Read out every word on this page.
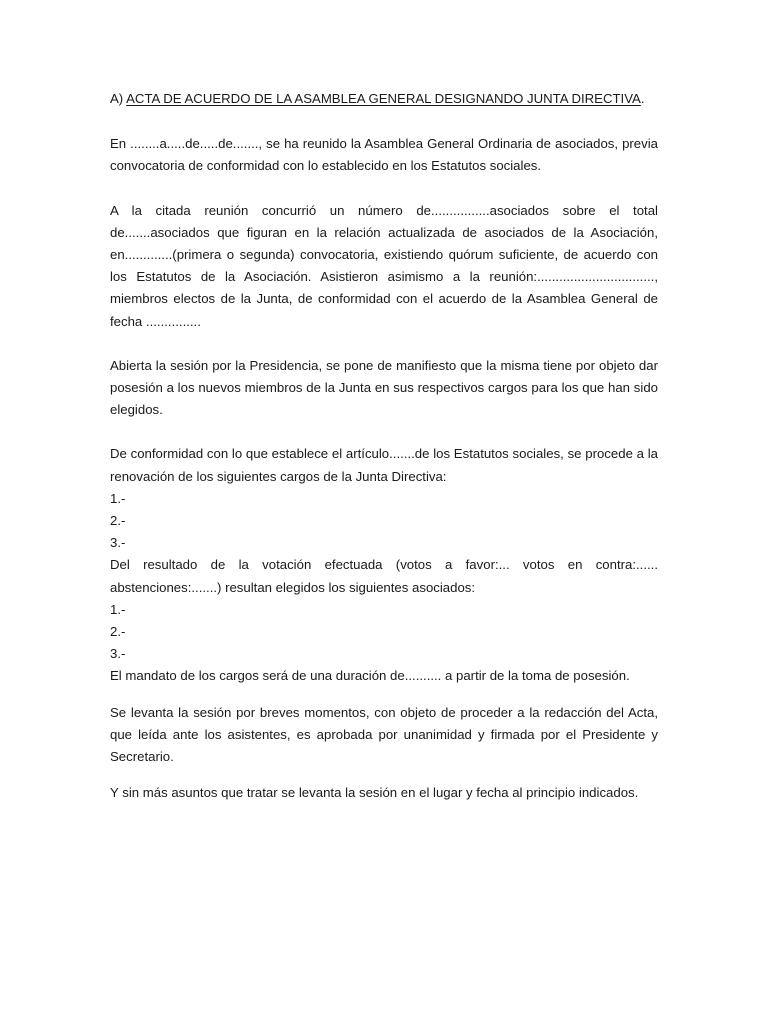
A) ACTA DE ACUERDO DE LA ASAMBLEA GENERAL DESIGNANDO JUNTA DIRECTIVA.

En ........a.....de.....de......., se ha reunido la Asamblea General Ordinaria de asociados, previa convocatoria de conformidad con lo establecido en los Estatutos sociales.

A la citada reunión concurrió un número de................asociados sobre el total de.......asociados que figuran en la relación actualizada de asociados de la Asociación, en.............(primera o segunda) convocatoria, existiendo quórum suficiente, de acuerdo con los Estatutos de la Asociación. Asistieron asimismo a la reunión:................................, miembros electos de la Junta, de conformidad con el acuerdo de la Asamblea General de fecha ...............

Abierta la sesión por la Presidencia, se pone de manifiesto que la misma tiene por objeto dar posesión a los nuevos miembros de la Junta en sus respectivos cargos para los que han sido elegidos.

De conformidad con lo que establece el artículo.......de los Estatutos sociales, se procede a la renovación de los siguientes cargos de la Junta Directiva:

1.-

2.-

3.-

Del resultado de la votación efectuada (votos a favor:... votos en contra:...... abstenciones:.......) resultan elegidos los siguientes asociados:

1.-

2.-

3.-

El mandato de los cargos será de una duración de.......... a partir de la toma de posesión.

Se levanta la sesión por breves momentos, con objeto de proceder a la redacción del Acta, que leída ante los asistentes, es aprobada por unanimidad y firmada por el Presidente y Secretario.

Y sin más asuntos que tratar se levanta la sesión en el lugar y fecha al principio indicados.
